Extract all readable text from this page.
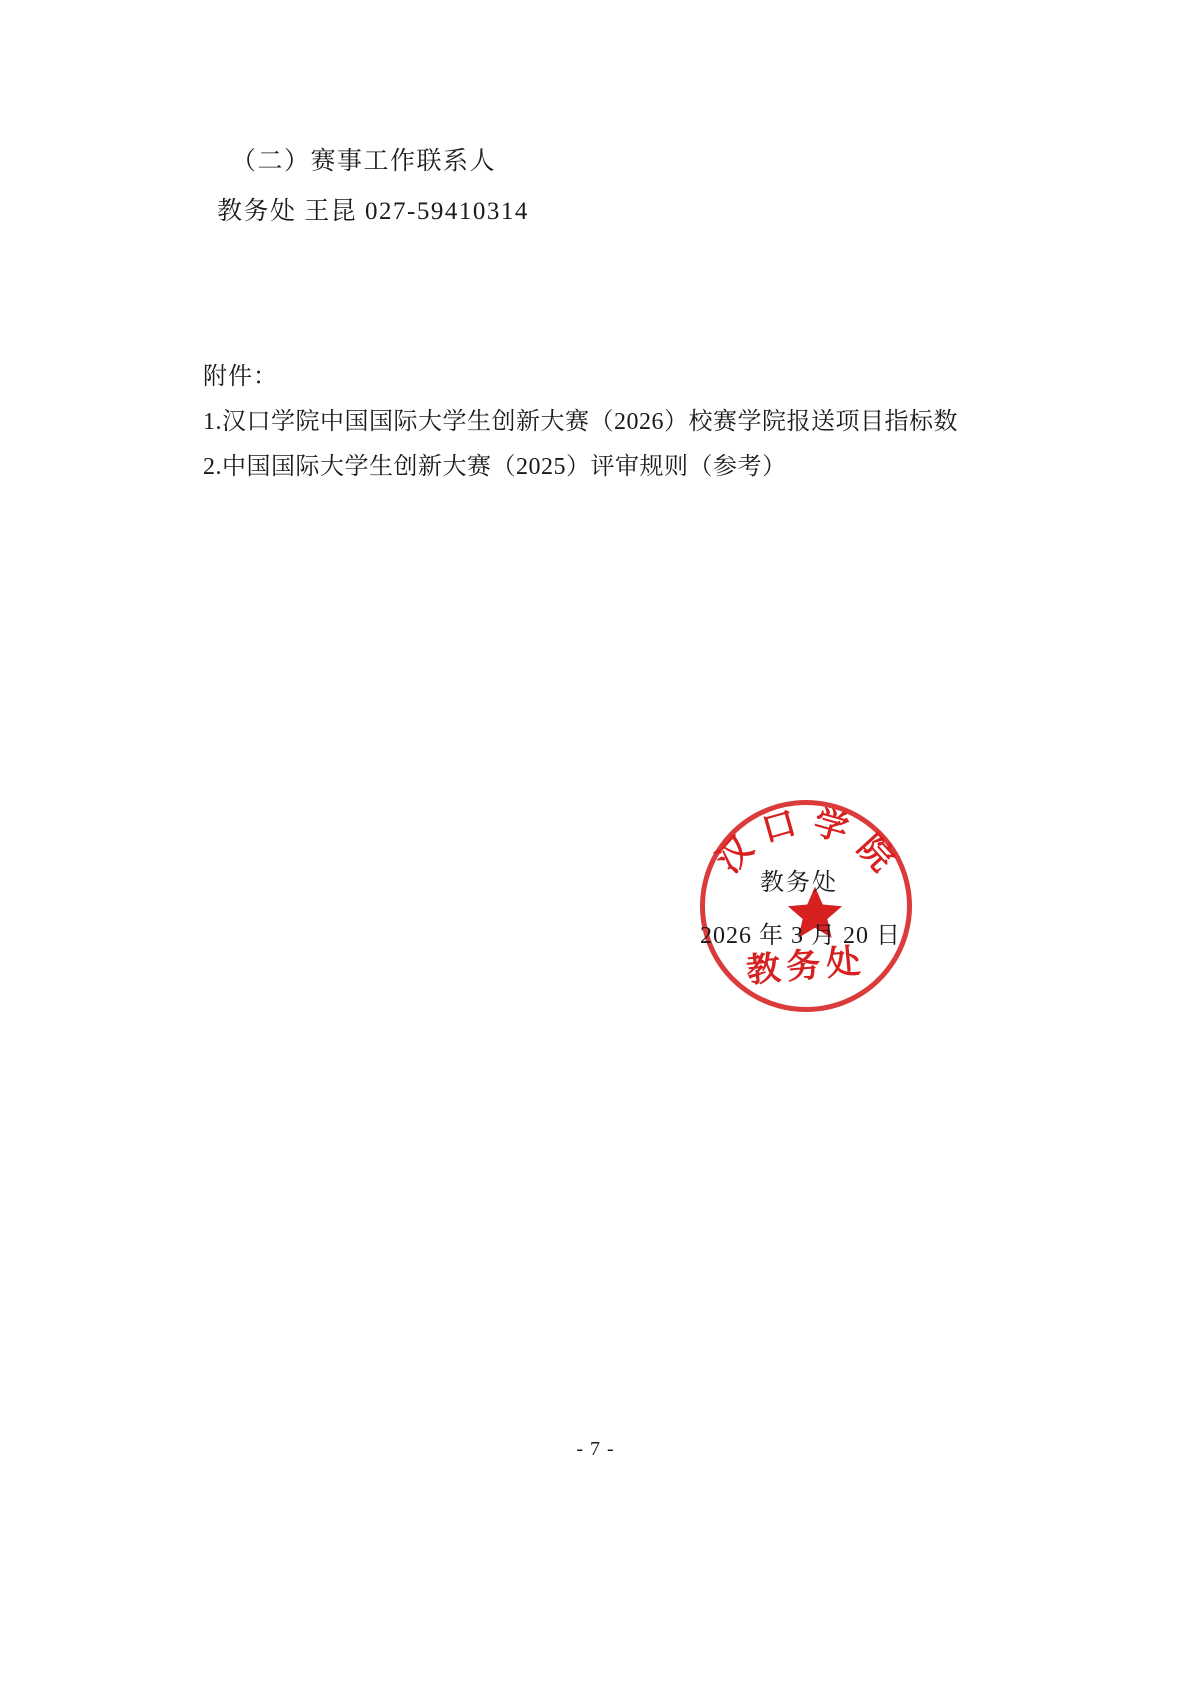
（二）赛事工作联系人

教务处 王昆 027-59410314

附件：

1.汉口学院中国国际大学生创新大赛（2026）校赛学院报送项目指标数

2.中国国际大学生创新大赛（2025）评审规则（参考）

汉 口 学 院
教务处
教务处
2026 年 3 月 20 日
- 7 -
